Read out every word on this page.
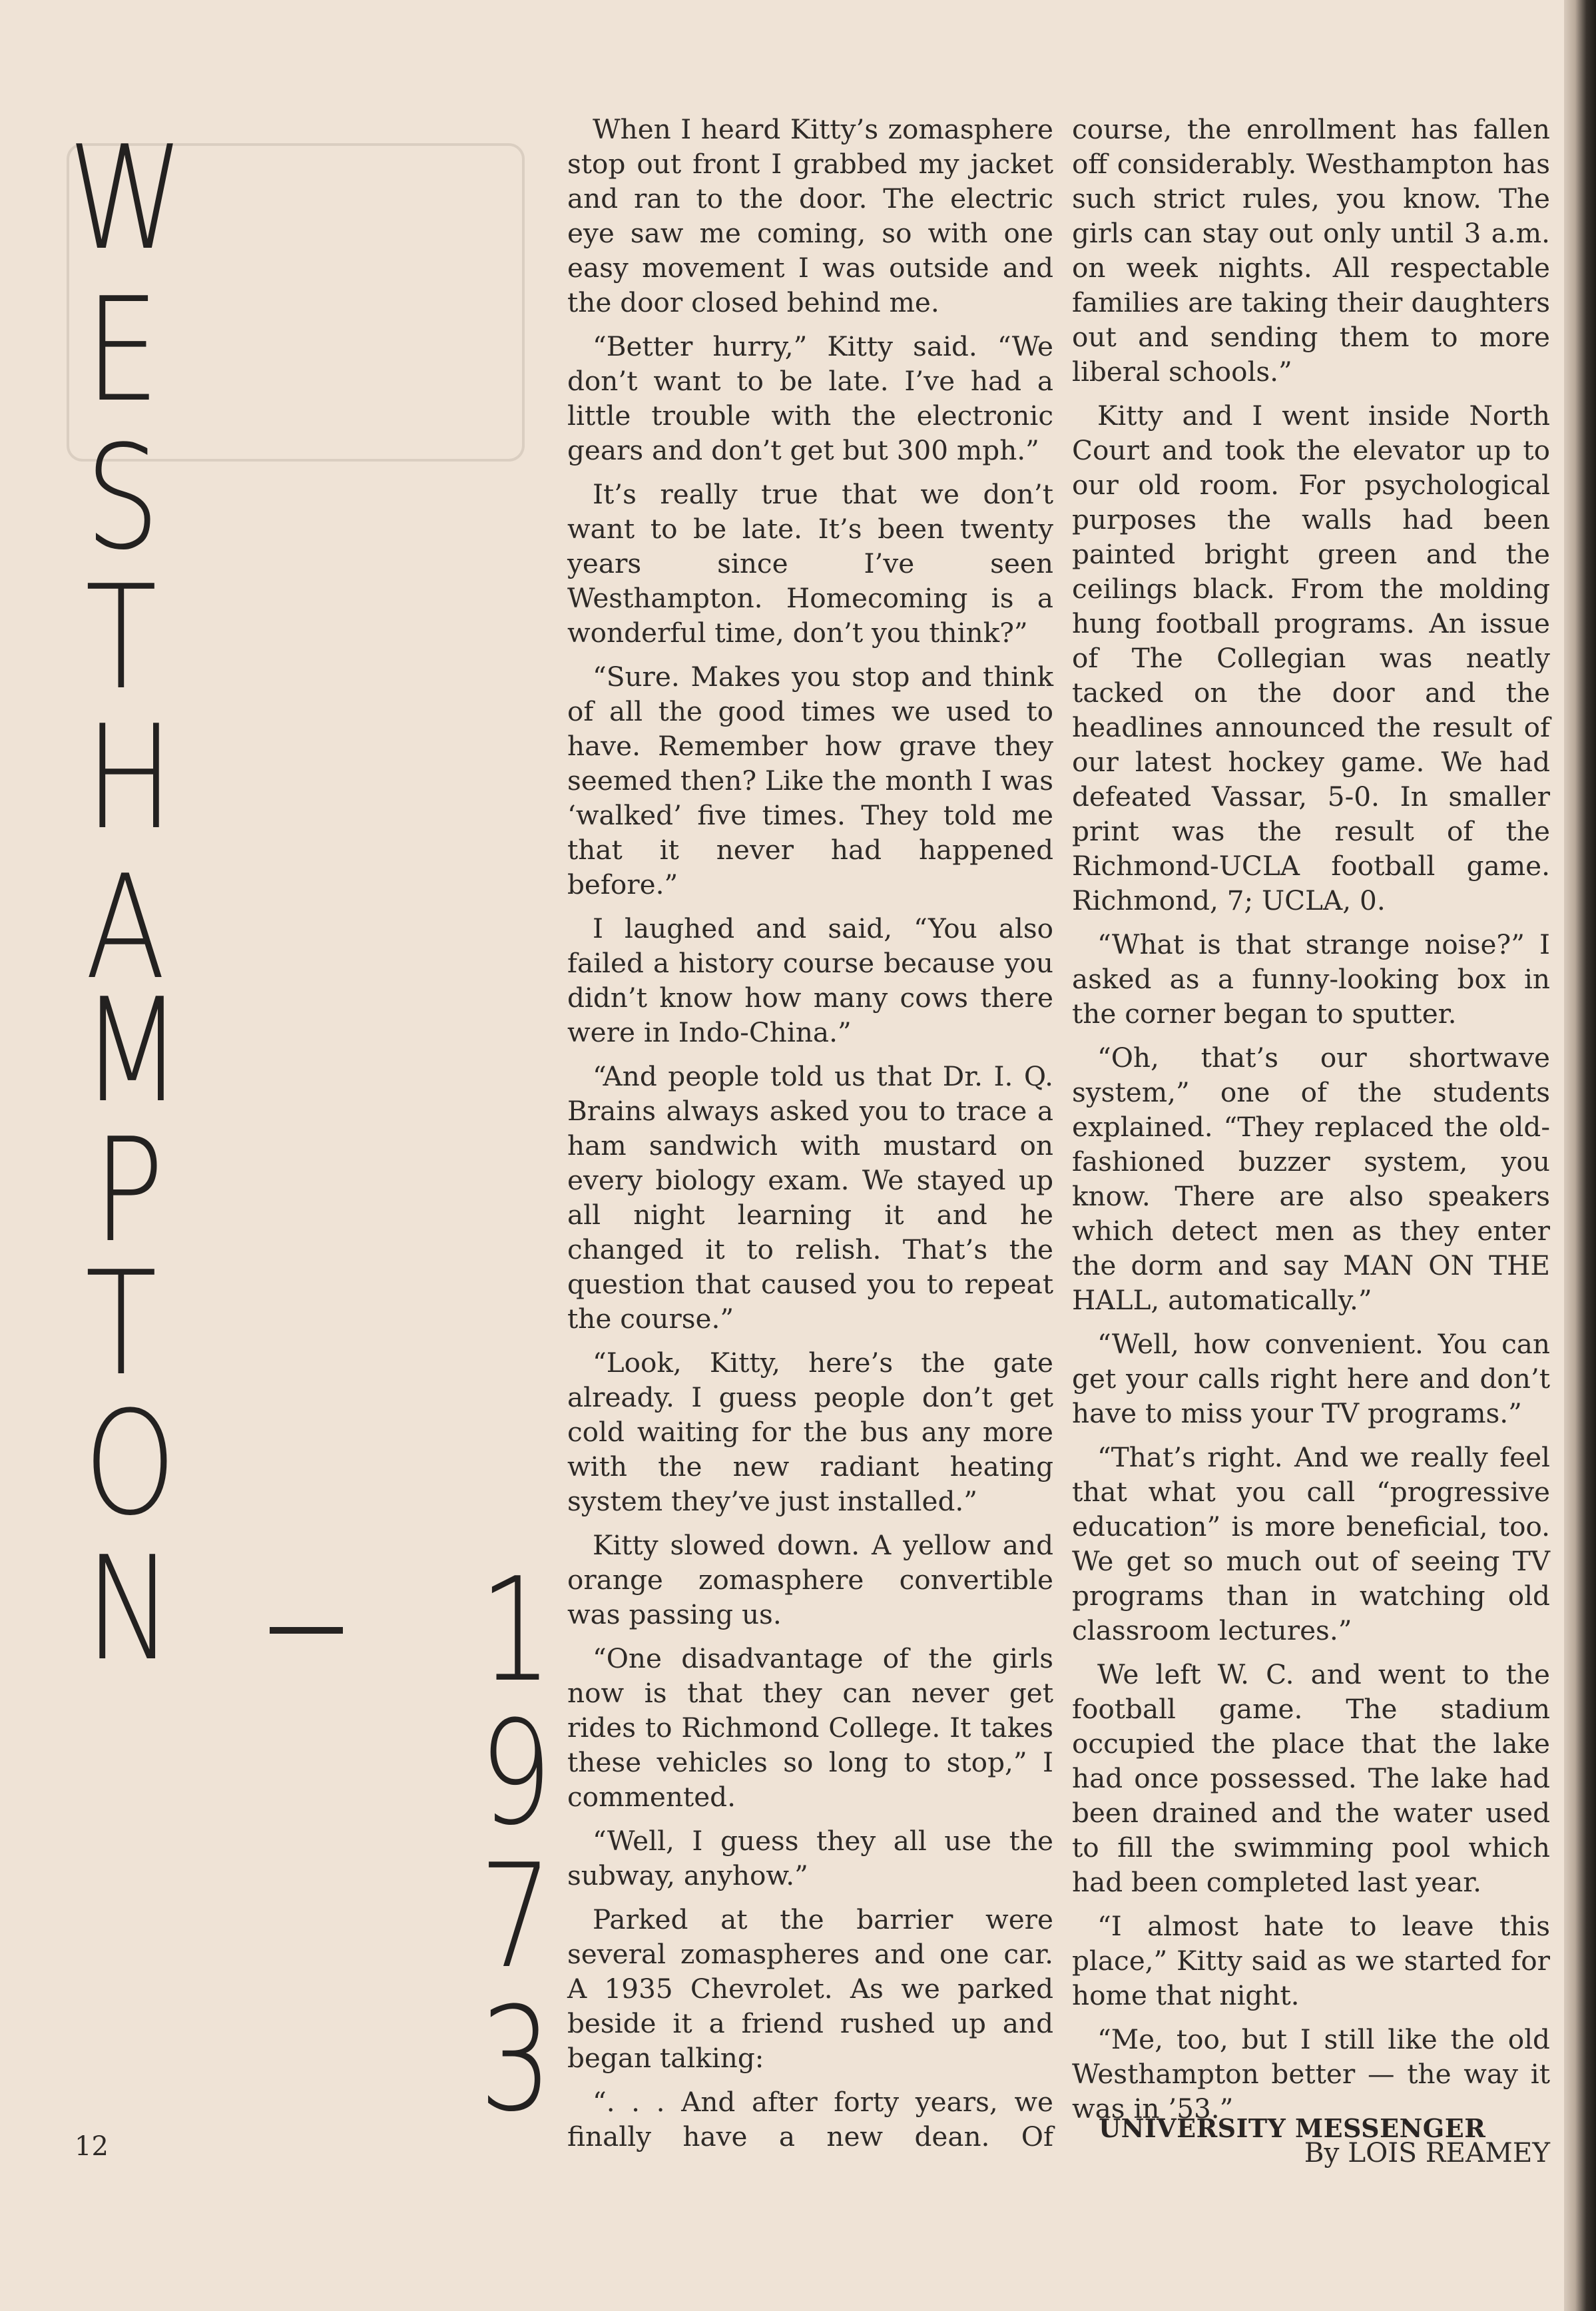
W
E
S
T
H
A
M
P
T
O
N 1
9
7
3

When I heard Kitty’s zomasphere stop out front I grabbed my jacket and ran to the door. The electric eye saw me coming, so with one easy movement I was outside and the door closed behind me.

“Better hurry,” Kitty said. “We don’t want to be late. I’ve had a little trouble with the electronic gears and don’t get but 300 mph.”

It’s really true that we don’t want to be late. It’s been twenty years since I’ve seen Westhampton. Homecoming is a wonderful time, don’t you think?”

“Sure. Makes you stop and think of all the good times we used to have. Remember how grave they seemed then? Like the month I was ‘walked’ five times. They told me that it never had happened before.”

I laughed and said, “You also failed a history course because you didn’t know how many cows there were in Indo-China.”

“And people told us that Dr. I. Q. Brains always asked you to trace a ham sandwich with mustard on every biology exam. We stayed up all night learning it and he changed it to relish. That’s the question that caused you to repeat the course.”

“Look, Kitty, here’s the gate already. I guess people don’t get cold waiting for the bus any more with the new radiant heating system they’ve just installed.”

Kitty slowed down. A yellow and orange zomasphere convertible was passing us.

“One disadvantage of the girls now is that they can never get rides to Richmond College. It takes these vehicles so long to stop,” I commented.

“Well, I guess they all use the subway, anyhow.”

Parked at the barrier were several zomaspheres and one car. A 1935 Chevrolet. As we parked beside it a friend rushed up and began talking:

“. . . And after forty years, we finally have a new dean. Of

course, the enrollment has fallen off considerably. Westhampton has such strict rules, you know. The girls can stay out only until 3 a.m. on week nights. All respectable families are taking their daughters out and sending them to more liberal schools.”

Kitty and I went inside North Court and took the elevator up to our old room. For psychological purposes the walls had been painted bright green and the ceilings black. From the molding hung football programs. An issue of The Collegian was neatly tacked on the door and the headlines announced the result of our latest hockey game. We had defeated Vassar, 5-0. In smaller print was the result of the Richmond-UCLA football game. Richmond, 7; UCLA, 0.

“What is that strange noise?” I asked as a funny-looking box in the corner began to sputter.

“Oh, that’s our shortwave system,” one of the students explained. “They replaced the old-fashioned buzzer system, you know. There are also speakers which detect men as they enter the dorm and say MAN ON THE HALL, automatically.”

“Well, how convenient. You can get your calls right here and don’t have to miss your TV programs.”

“That’s right. And we really feel that what you call “progressive education” is more beneficial, too. We get so much out of seeing TV programs than in watching old classroom lectures.”

We left W. C. and went to the football game. The stadium occupied the place that the lake had once possessed. The lake had been drained and the water used to fill the swimming pool which had been completed last year.

“I almost hate to leave this place,” Kitty said as we started for home that night.

“Me, too, but I still like the old Westhampton better — the way it was in ’53.”

By LOIS REAMEY
UNIVERSITY MESSENGER
12
